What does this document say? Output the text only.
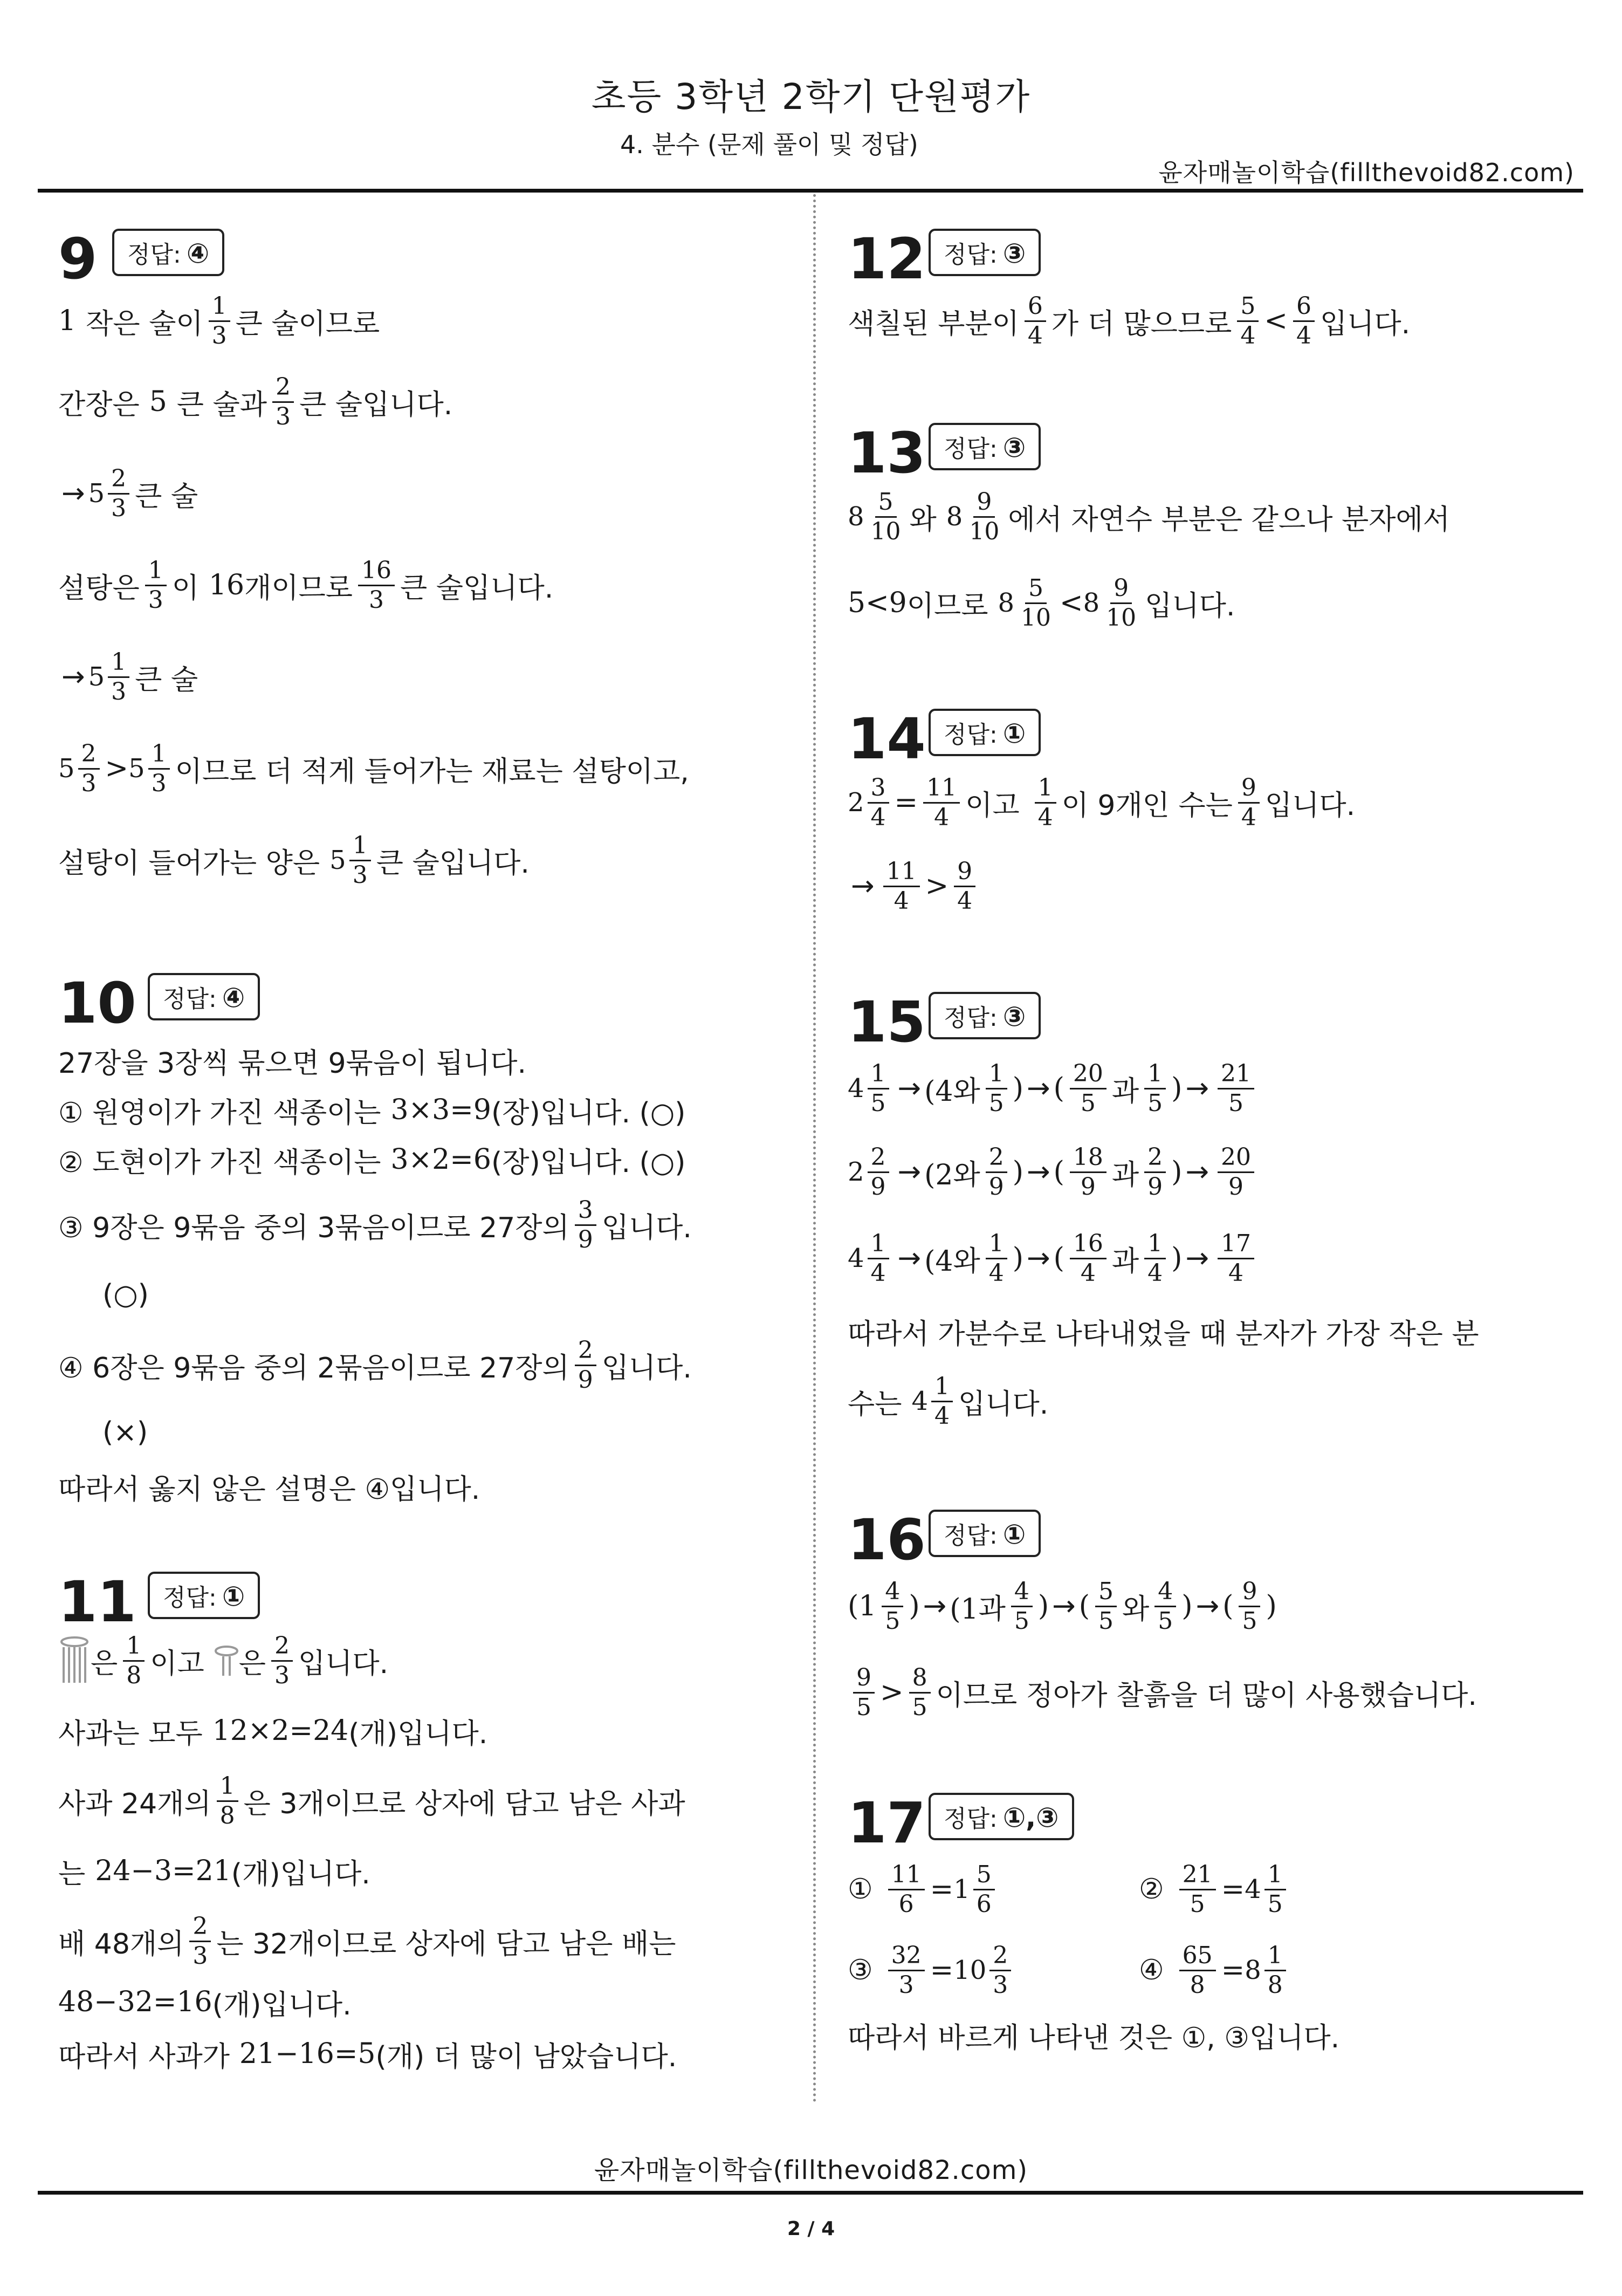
초등 3학년 2학기 단원평가
4. 분수 (문제 풀이 및 정답)
윤자매놀이학습(fillthevoid82.com)
9	정답: ④
1 작은 술이 $\frac{1}{3}$ 큰 술이므로
간장은 5 큰 술과 $\frac{2}{3}$ 큰 술입니다.
→ $5 \frac{2}{3}$ 큰 술
설탕은 $\frac{1}{3}$ 이 16 개이므로 $\frac{16}{3}$ 큰 술입니다.
→ $5 \frac{1}{3}$ 큰 술
$5 \frac{2}{3} > 5 \frac{1}{3}$ 이므로 더 적게 들어가는 재료는 설탕이고,
설탕이 들어가는 양은 $5 \frac{1}{3}$ 큰 술입니다.
10	정답: ④
27장을 3장씩 묶으면 9묶음이 됩니다.
① 원영이가 가진 색종이는 3×3=9 (장)입니다. (○)
② 도현이가 가진 색종이는 3×2=6 (장)입니다. (○)
③ 9장은 9묶음 중의 3묶음이므로 27장의 $\frac{3}{9}$ 입니다.
(○)
④ 6장은 9묶음 중의 2묶음이므로 27장의 $\frac{2}{9}$ 입니다.
(×)
따라서 옳지 않은 설명은 ④입니다.
11	정답: ①
은 $\frac{1}{8}$ 이고 은 $\frac{2}{3}$ 입니다.
사과는 모두 12×2=24 (개)입니다.
사과 24개의 $\frac{1}{8}$ 은 3개이므로 상자에 담고 남은 사과
는 24−3=21 (개)입니다.
배 48개의 $\frac{2}{3}$ 는 32개이므로 상자에 담고 남은 배는
48−32=16 (개)입니다.
따라서 사과가 21−16=5 (개) 더 많이 남았습니다.
12 정답: ③
색칠된 부분이 $\frac{6}{4}$ 가 더 많으므로 $\frac{5}{4} < \frac{6}{4}$ 입니다.
13 정답: ③
$8 \frac{5}{10}$ 와 $8 \frac{9}{10}$ 에서 자연수 부분은 같으나 분자에서
5<9 이므로 $8 \frac{5}{10} < 8 \frac{9}{10}$ 입니다.
14 정답: ①
$2 \frac{3}{4} = \frac{11}{4}$ 이고 $\frac{1}{4}$ 이 9개인 수는 $\frac{9}{4}$ 입니다.
→ $\frac{11}{4} > \frac{9}{4}$
15 정답: ③
$4 \frac{1}{5} \to (4$와 $\frac{1}{5}$ ) → ( $\frac{20}{5}$ 과 $\frac{1}{5}$ ) → $\frac{21}{5}$
$2 \frac{2}{9} \to (2$와 $\frac{2}{9}$ ) → ( $\frac{18}{9}$ 과 $\frac{2}{9}$ ) → $\frac{20}{9}$
$4 \frac{1}{4} \to (4$와 $\frac{1}{4}$ ) → ( $\frac{16}{4}$ 과 $\frac{1}{4}$ ) → $\frac{17}{4}$
따라서 가분수로 나타내었을 때 분자가 가장 작은 분
수는 $4 \frac{1}{4}$ 입니다.
16 정답: ①
($1 \frac{4}{5}$ ) → (1과 $\frac{4}{5}$ ) → ( $\frac{5}{5}$ 와 $\frac{4}{5}$ ) → ( $\frac{9}{5}$ )
$\frac{9}{5} > \frac{8}{5}$ 이므로 정아가 찰흙을 더 많이 사용했습니다.
17 정답: ①,③
① $\frac{11}{6} = 1 \frac{5}{6}$	② $\frac{21}{5} = 4 \frac{1}{5}$
③ $\frac{32}{3} = 10 \frac{2}{3}$	④ $\frac{65}{8} = 8 \frac{1}{8}$
따라서 바르게 나타낸 것은 ①, ③입니다.
윤자매놀이학습(fillthevoid82.com)
2 / 4
